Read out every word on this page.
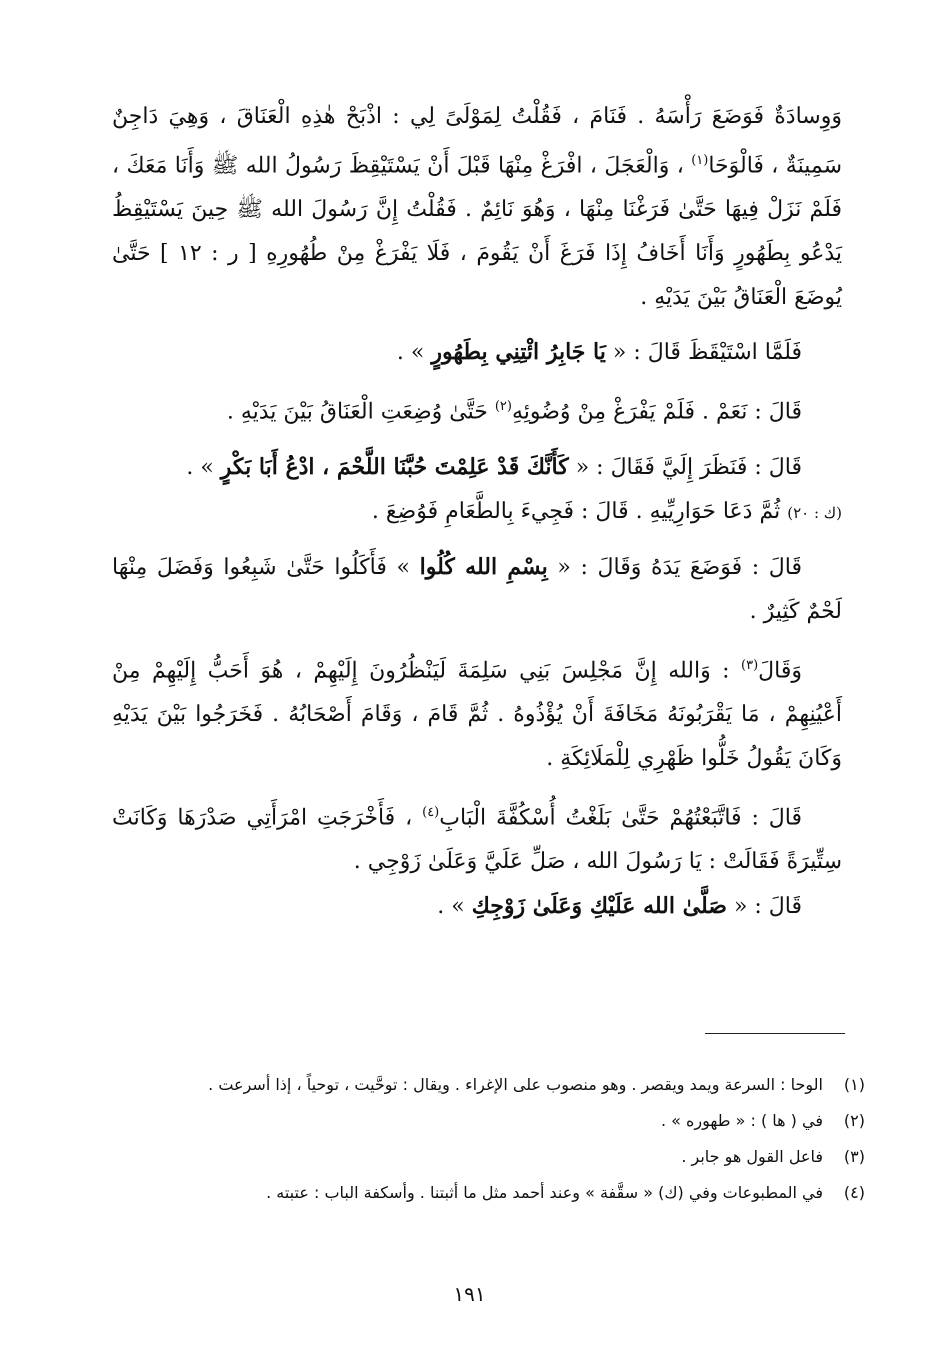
وَوِسادَةٌ فَوَضَعَ رَأْسَهُ . فَنَامَ ، فَقُلْتُ لِمَوْلَىً لِي : اذْبَحْ هٰذِهِ الْعَنَاقَ ، وَهِيَ دَاجِنٌ سَمِينَةٌ ، فَالْوَحَا$^{(١)}$ ، وَالْعَجَلَ ، افْرَغْ مِنْهَا قَبْلَ أَنْ يَسْتَيْقِظَ رَسُولُ الله ﷺ وَأَنَا مَعَكَ ، فَلَمْ نَزَلْ فِيهَا حَتَّىٰ فَرَغْنَا مِنْهَا ، وَهُوَ نَائِمٌ . فَقُلْتُ إِنَّ رَسُولَ الله ﷺ حِينَ يَسْتَيْقِظُ يَدْعُو بِطَهُورٍ وَأَنَا أَخَافُ إِذَا فَرَغَ أَنْ يَقُومَ ، فَلَا يَفْرَغْ مِنْ طُهُورِهِ [ ر : ١٢ ] حَتَّىٰ يُوضَعَ الْعَنَاقُ بَيْنَ يَدَيْهِ .

فَلَمَّا اسْتَيْقَظَ قَالَ : « يَا جَابِرُ ائْتِنِي بِطَهُورٍ » .

قَالَ : نَعَمْ . فَلَمْ يَفْرَغْ مِنْ وُضُوئِهِ$^{(٢)}$ حَتَّىٰ وُضِعَتِ الْعَنَاقُ بَيْنَ يَدَيْهِ .

قَالَ : فَنَظَرَ إِلَيَّ فَقَالَ : « كَأَنَّكَ قَدْ عَلِمْتَ حُبَّنَا اللَّحْمَ ، ادْعُ أَبَا بَكْرٍ » .

(ك : ٢٠) ثُمَّ دَعَا حَوَارِيِّيهِ . قَالَ : فَجِيءَ بِالطَّعَامِ فَوُضِعَ .

قَالَ : فَوَضَعَ يَدَهُ وَقَالَ : « بِسْمِ الله كُلُوا » فَأَكَلُوا حَتَّىٰ شَبِعُوا وَفَضَلَ مِنْهَا لَحْمٌ كَثِيرٌ .

وَقَالَ$^{(٣)}$ : وَالله إِنَّ مَجْلِسَ بَنِي سَلِمَةَ لَيَنْظُرُونَ إِلَيْهِمْ ، هُوَ أَحَبُّ إِلَيْهِمْ مِنْ أَعْيُنِهِمْ ، مَا يَقْرَبُونَهُ مَخَافَةَ أَنْ يُؤْذُوهُ . ثُمَّ قَامَ ، وَقَامَ أَصْحَابُهُ . فَخَرَجُوا بَيْنَ يَدَيْهِ وَكَانَ يَقُولُ خَلُّوا ظَهْرِي لِلْمَلَائِكَةِ .

قَالَ : فَاتَّبَعْتُهُمْ حَتَّىٰ بَلَغْتُ أُسْكُفَّةَ الْبَابِ$^{(٤)}$ ، فَأَخْرَجَتِ امْرَأَتِي صَدْرَهَا وَكَانَتْ سِتِّيرَةً فَقَالَتْ : يَا رَسُولَ الله ، صَلِّ عَلَيَّ وَعَلَىٰ زَوْجِي .

قَالَ : « صَلَّىٰ الله عَلَيْكِ وَعَلَىٰ زَوْجِكِ » .

(١)
الوحا : السرعة ويمد ويقصر . وهو منصوب على الإغراء . ويقال : توحَّيت ، توحياً ، إذا أسرعت .
(٢)
في ( ها ) : « طهوره » .
(٣)
فاعل القول هو جابر .
(٤)
في المطبوعات وفي (ك) « سقَّفة » وعند أحمد مثل ما أثبتنا . وأسكفة الباب : عتبته .
١٩١
